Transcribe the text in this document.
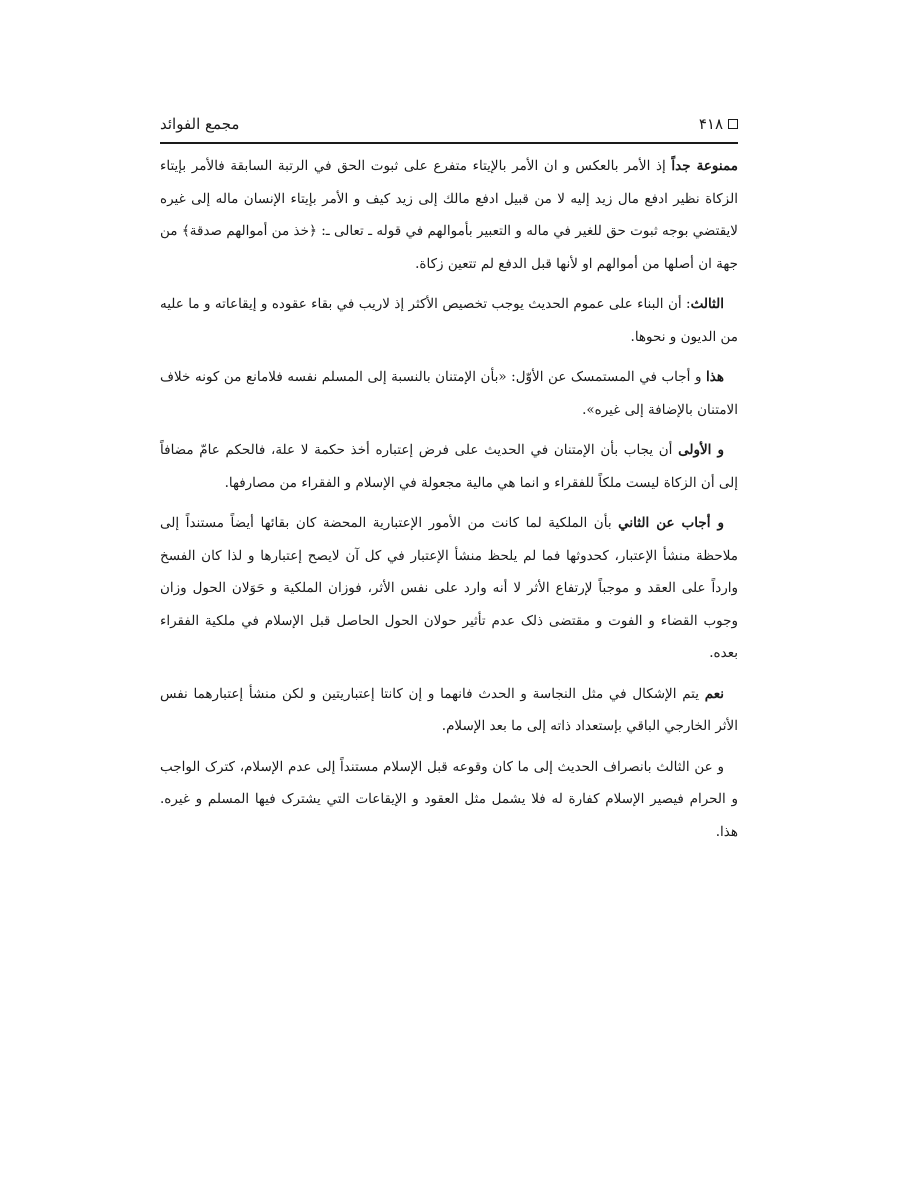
۴۱۸
مجمع الفوائد

ممنوعة جداً إذ الأمر بالعكس و ان الأمر بالإيتاء متفرع على ثبوت الحق في الرتبة السابقة فالأمر بإيتاء الزكاة نظير ادفع مال زيد إليه لا من قبيل ادفع مالك إلى زيد كيف و الأمر بإيتاء الإنسان ماله إلى غيره لايقتضي بوجه ثبوت حق للغير في ماله و التعبير بأموالهم في قوله ـ تعالى ـ: ﴿خذ من أموالهم صدقة﴾ من جهة ان أصلها من أموالهم او لأنها قبل الدفع لم تتعين زكاة.

الثالث: أن البناء على عموم الحديث يوجب تخصيص الأكثر إذ لاريب في بقاء عقوده و إيقاعاته و ما عليه من الديون و نحوها.

هذا و أجاب في المستمسک عن الأوّل: «بأن الإمتنان بالنسبة إلى المسلم نفسه فلامانع من كونه خلاف الامتنان بالإضافة إلى غيره».

و الأولى أن يجاب بأن الإمتنان في الحديث على فرض إعتباره أخذ حكمة لا علة، فالحكم عامّ مضافاً إلى أن الزكاة ليست ملكاً للفقراء و انما هي مالية مجعولة في الإسلام و الفقراء من مصارفها.

و أجاب عن الثاني بأن الملكية لما كانت من الأمور الإعتبارية المحضة كان بقائها أيضاً مستنداً إلى ملاحظة منشأ الإعتبار، كحدوثها فما لم يلحظ منشأ الإعتبار في كل آن لايصح إعتبارها و لذا كان الفسخ وارداً على العقد و موجباً لإرتفاع الأثر لا أنه وارد على نفس الأثر، فوزان الملكية و حَوَلان الحول وزان وجوب القضاء و الفوت و مقتضى ذلک عدم تأثير حولان الحول الحاصل قبل الإسلام في ملكية الفقراء بعده.

نعم يتم الإشكال في مثل النجاسة و الحدث فانهما و إن كانتا إعتباريتين و لكن منشأ إعتبارهما نفس الأثر الخارجي الباقي بإستعداد ذاته إلى ما بعد الإسلام.

و عن الثالث بانصراف الحديث إلى ما كان وقوعه قبل الإسلام مستنداً إلى عدم الإسلام، كترک الواجب و الحرام فيصير الإسلام كفارة له فلا يشمل مثل العقود و الإيقاعات التي يشترک فيها المسلم و غيره. هذا.
